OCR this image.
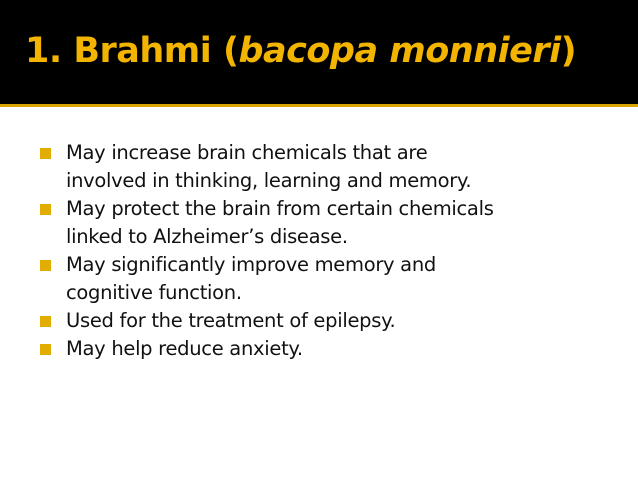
1. Brahmi (bacopa monnieri)
May increase brain chemicals that are
involved in thinking, learning and memory.
May protect the brain from certain chemicals
linked to Alzheimer’s disease.
May significantly improve memory and
cognitive function.
Used for the treatment of epilepsy.
May help reduce anxiety.
